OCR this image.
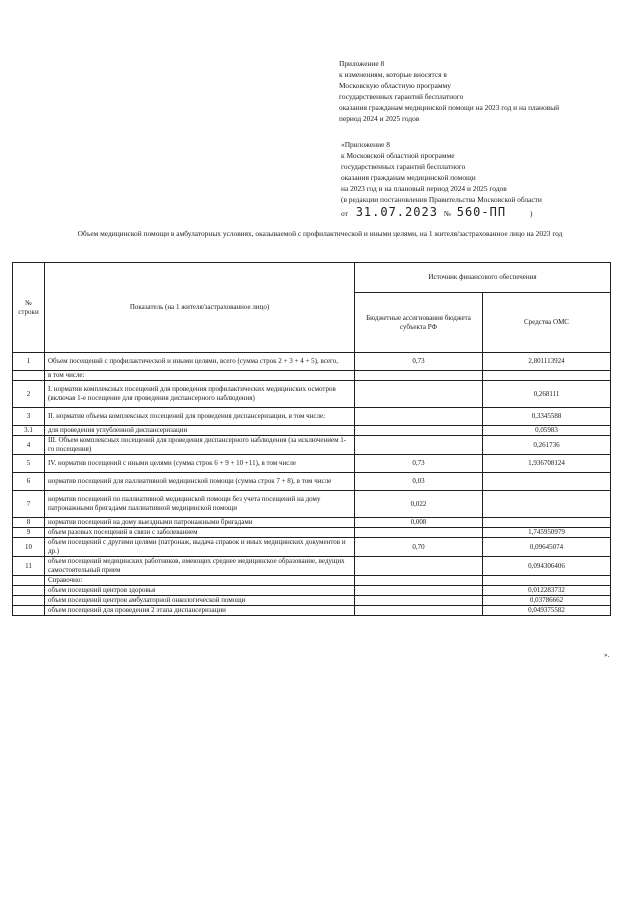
Приложение 8
к изменениям, которые вносятся в
Московскую областную программу
государственных гарантий бесплатного
оказания гражданам медицинской помощи на 2023 год и на плановый
период 2024 и 2025 годов
«Приложение 8
к Московской областной программе
государственных гарантий бесплатного
оказания гражданам медицинской помощи
на 2023 год и на плановый период 2024 и 2025 годов
(в редакции постановления Правительства Московской области
от 31.07.2023 № 560-ПП	)
Объем медицинской помощи в амбулаторных условиях, оказываемой с профилактической и иными целями, на 1 жителя/застрахованное лицо на 2023 год
№ строки	Показатель (на 1 жителя/застрахованное лицо)	Источник финансового обеспечения	
		Бюджетные ассигнования бюджета субъекта РФ	Средства ОМС
1	Объем посещений с профилактической и иными целями, всего (сумма строк 2 + 3 + 4 + 5), всего,	0,73	2,801113924
	в том числе:		
2	I. норматив комплексных посещений для проведения профилактических медицинских осмотров (включая 1-е посещение для проведения диспансерного наблюдения)		0,268111
3	II. норматив объема комплексных посещений для проведения диспансеризации, в том числе:		0,3345588
3.1	для проведения углубленной диспансеризации		0,05983
4	III. Объем комплексных посещений для проведения диспансерного наблюдения (за исключением 1-го посещения)		0,261736
5	IV. норматив посещений с иными целями (сумма строк 6 + 9 + 10 +11), в том числе	0,73	1,936708124
6	норматив посещений для паллиативной медицинской помощи (сумма строк 7 + 8), в том числе	0,03	
7	норматив посещений по паллиативной медицинской помощи без учета посещений на дому патронажными бригадами паллиативной медицинской помощи	0,022	
8	норматив посещений на дому выездными патронажными бригадами	0,008	
9	объем разовых посещений в связи с заболеванием		1,745950979
10	объем посещений с другими целями (патронаж, выдача справок и иных медицинских документов и др.)	0,70	0,09645074
11	объем посещений медицинских работников, имеющих среднее медицинское образование, ведущих самостоятельный прием		0,094306406
	Справочно:		
	объем посещений центров здоровья		0,012283732
	объем посещений центров амбулаторной онкологической помощи		0,03786662
	объем посещений для проведения 2 этапа диспансеризации		0,049375582
».
